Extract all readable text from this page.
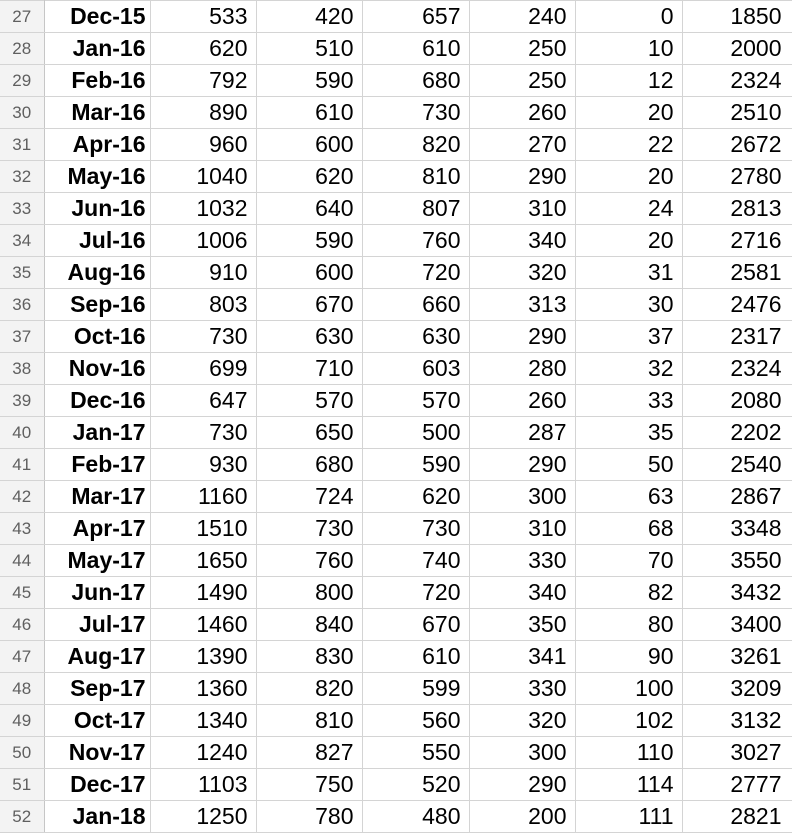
27	Dec-15	533	420	657	240	0	1850
28	Jan-16	620	510	610	250	10	2000
29	Feb-16	792	590	680	250	12	2324
30	Mar-16	890	610	730	260	20	2510
31	Apr-16	960	600	820	270	22	2672
32	May-16	1040	620	810	290	20	2780
33	Jun-16	1032	640	807	310	24	2813
34	Jul-16	1006	590	760	340	20	2716
35	Aug-16	910	600	720	320	31	2581
36	Sep-16	803	670	660	313	30	2476
37	Oct-16	730	630	630	290	37	2317
38	Nov-16	699	710	603	280	32	2324
39	Dec-16	647	570	570	260	33	2080
40	Jan-17	730	650	500	287	35	2202
41	Feb-17	930	680	590	290	50	2540
42	Mar-17	1160	724	620	300	63	2867
43	Apr-17	1510	730	730	310	68	3348
44	May-17	1650	760	740	330	70	3550
45	Jun-17	1490	800	720	340	82	3432
46	Jul-17	1460	840	670	350	80	3400
47	Aug-17	1390	830	610	341	90	3261
48	Sep-17	1360	820	599	330	100	3209
49	Oct-17	1340	810	560	320	102	3132
50	Nov-17	1240	827	550	300	110	3027
51	Dec-17	1103	750	520	290	114	2777
52	Jan-18	1250	780	480	200	111	2821
